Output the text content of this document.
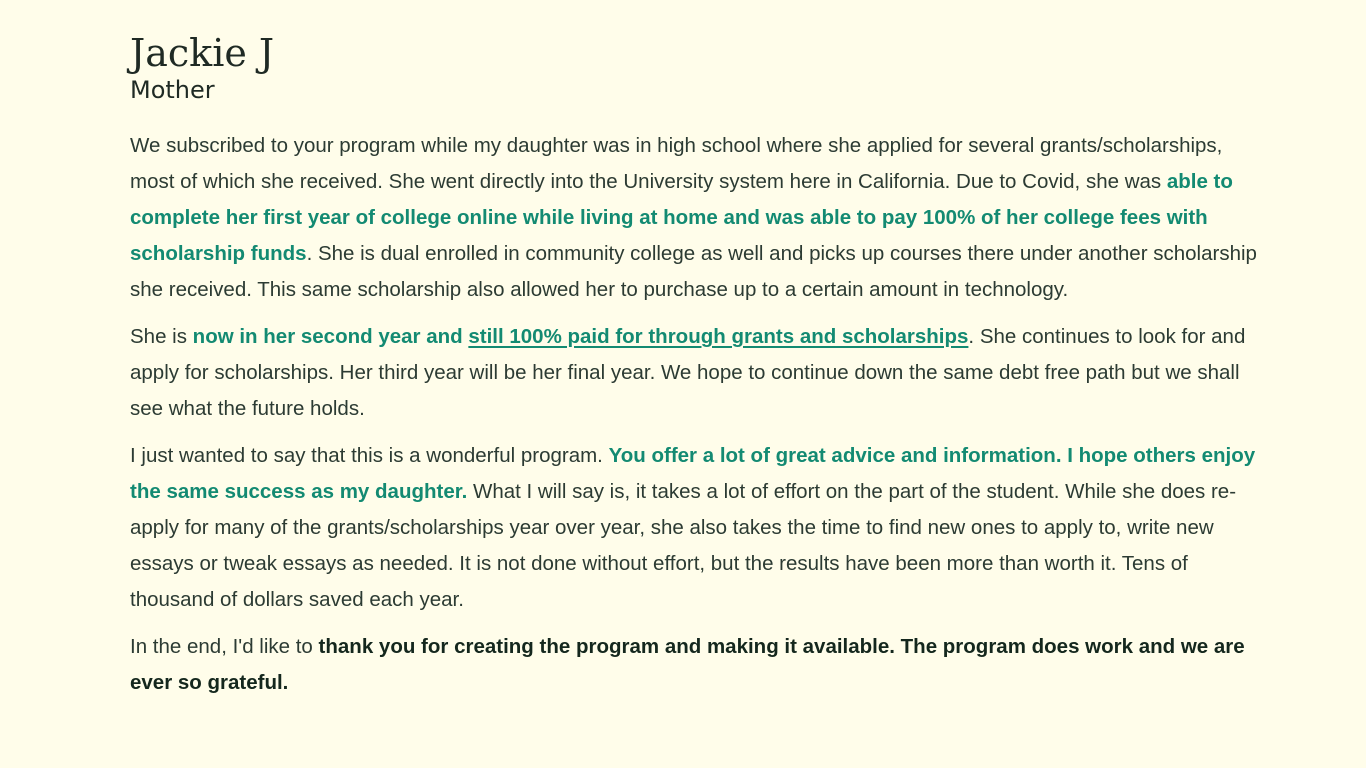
Jackie J
Mother

We subscribed to your program while my daughter was in high school where she applied for several grants/scholarships, most of which she received. She went directly into the University system here in California. Due to Covid, she was able to complete her first year of college online while living at home and was able to pay 100% of her college fees with scholarship funds. She is dual enrolled in community college as well and picks up courses there under another scholarship she received. This same scholarship also allowed her to purchase up to a certain amount in technology.

She is now in her second year and still 100% paid for through grants and scholarships. She continues to look for and apply for scholarships. Her third year will be her final year. We hope to continue down the same debt free path but we shall see what the future holds.

I just wanted to say that this is a wonderful program. You offer a lot of great advice and information. I hope others enjoy the same success as my daughter. What I will say is, it takes a lot of effort on the part of the student. While she does re-apply for many of the grants/scholarships year over year, she also takes the time to find new ones to apply to, write new essays or tweak essays as needed. It is not done without effort, but the results have been more than worth it. Tens of thousand of dollars saved each year.

In the end, I'd like to thank you for creating the program and making it available. The program does work and we are ever so grateful.
